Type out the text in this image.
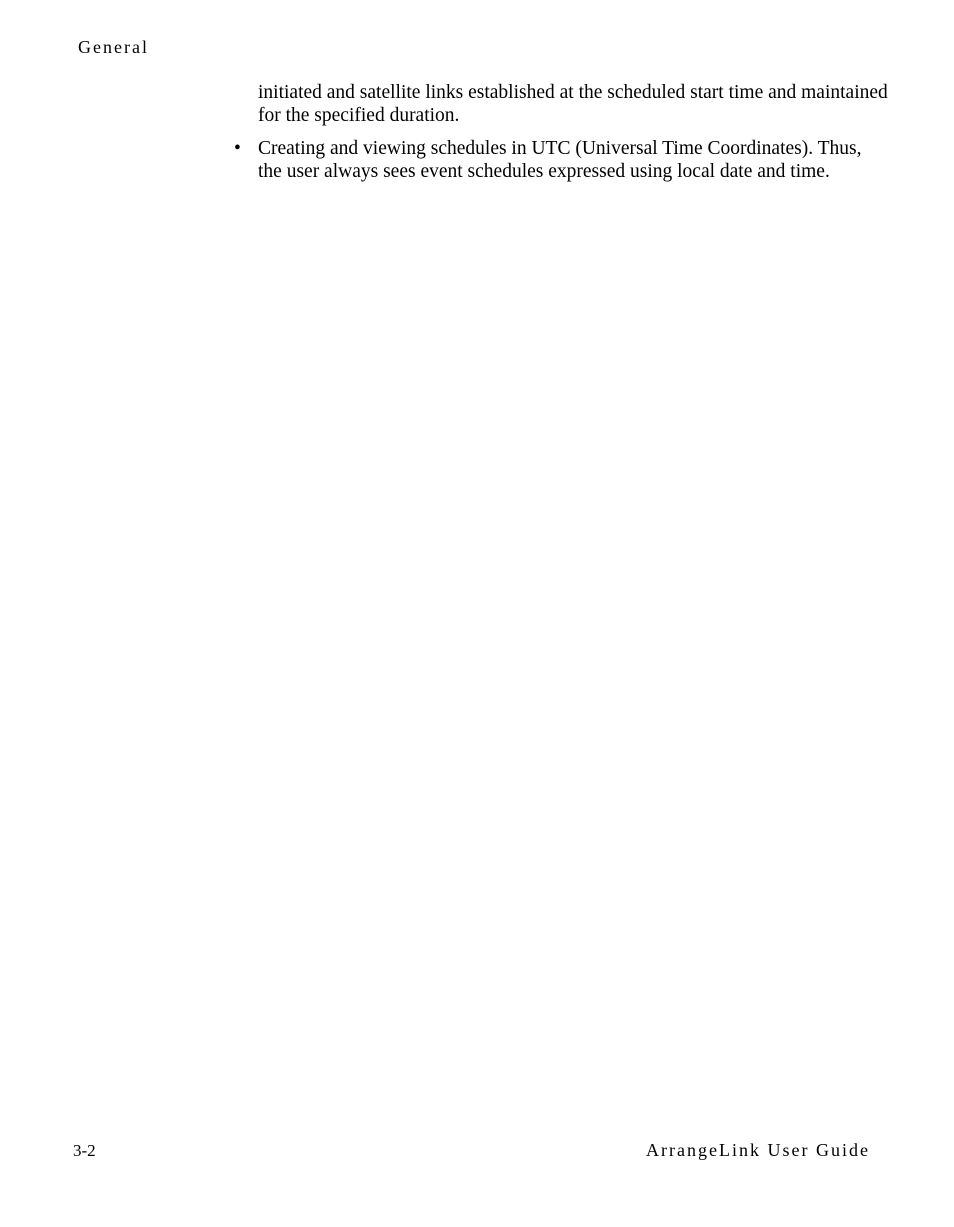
General

initiated and satellite links established at the scheduled start time and maintained for the specified duration.

• Creating and viewing schedules in UTC (Universal Time Coordinates). Thus, the user always sees event schedules expressed using local date and time.
3-2	ArrangeLink User Guide
